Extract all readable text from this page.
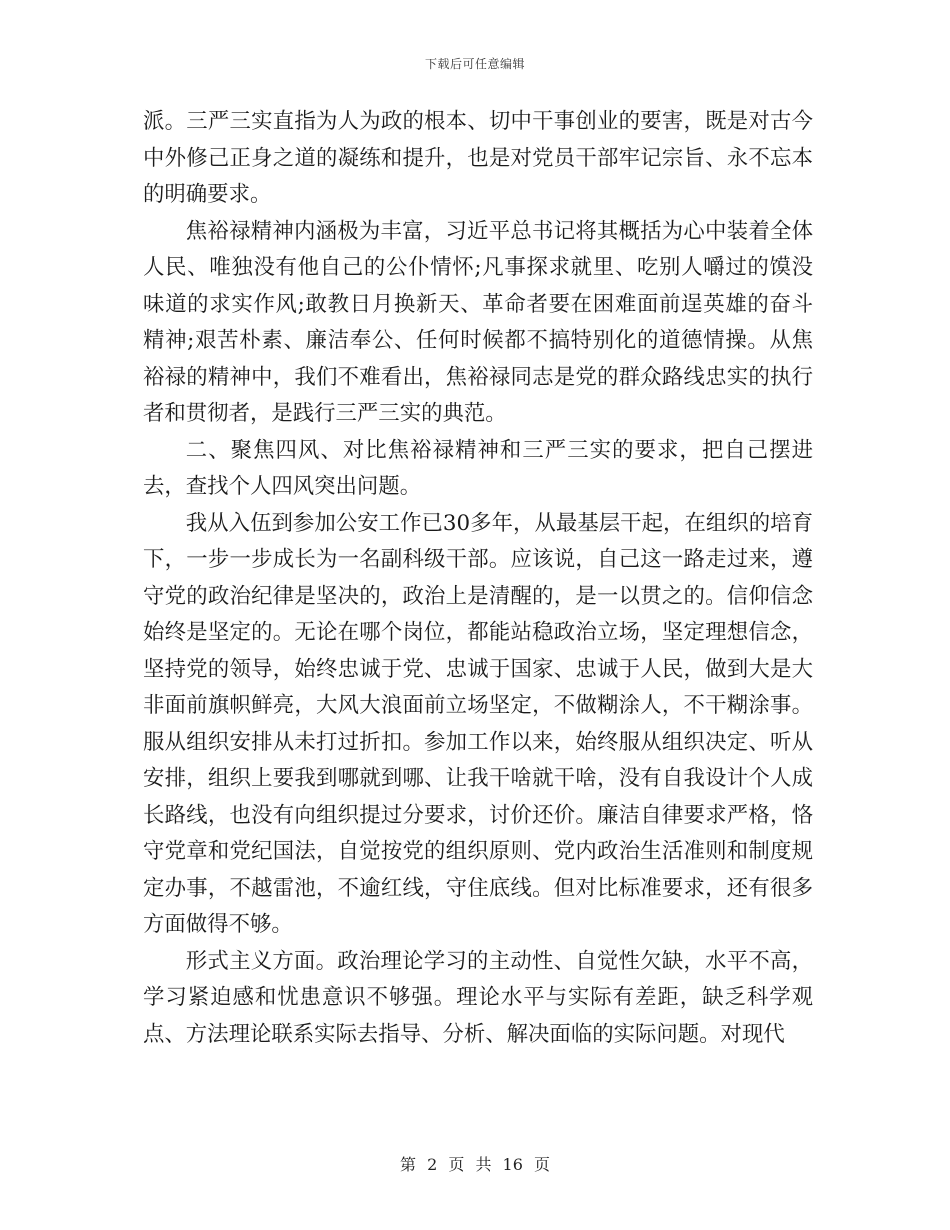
下载后可任意编辑

派。三严三实直指为人为政的根本、切中干事创业的要害，既是对古今中外修己正身之道的凝练和提升，也是对党员干部牢记宗旨、永不忘本的明确要求。

焦裕禄精神内涵极为丰富，习近平总书记将其概括为心中装着全体人民、唯独没有他自己的公仆情怀;凡事探求就里、吃别人嚼过的馍没味道的求实作风;敢教日月换新天、革命者要在困难面前逞英雄的奋斗精神;艰苦朴素、廉洁奉公、任何时候都不搞特别化的道德情操。从焦裕禄的精神中，我们不难看出，焦裕禄同志是党的群众路线忠实的执行者和贯彻者，是践行三严三实的典范。

二、聚焦四风、对比焦裕禄精神和三严三实的要求，把自己摆进去，查找个人四风突出问题。

我从入伍到参加公安工作已30多年，从最基层干起，在组织的培育下，一步一步成长为一名副科级干部。应该说，自己这一路走过来，遵守党的政治纪律是坚决的，政治上是清醒的，是一以贯之的。信仰信念始终是坚定的。无论在哪个岗位，都能站稳政治立场，坚定理想信念，坚持党的领导，始终忠诚于党、忠诚于国家、忠诚于人民，做到大是大非面前旗帜鲜亮，大风大浪面前立场坚定，不做糊涂人，不干糊涂事。服从组织安排从未打过折扣。参加工作以来，始终服从组织决定、听从安排，组织上要我到哪就到哪、让我干啥就干啥，没有自我设计个人成长路线，也没有向组织提过分要求，讨价还价。廉洁自律要求严格，恪守党章和党纪国法，自觉按党的组织原则、党内政治生活准则和制度规定办事，不越雷池，不逾红线，守住底线。但对比标准要求，还有很多方面做得不够。

形式主义方面。政治理论学习的主动性、自觉性欠缺，水平不高，学习紧迫感和忧患意识不够强。理论水平与实际有差距，缺乏科学观点、方法理论联系实际去指导、分析、解决面临的实际问题。对现代

第 2 页 共 16 页
